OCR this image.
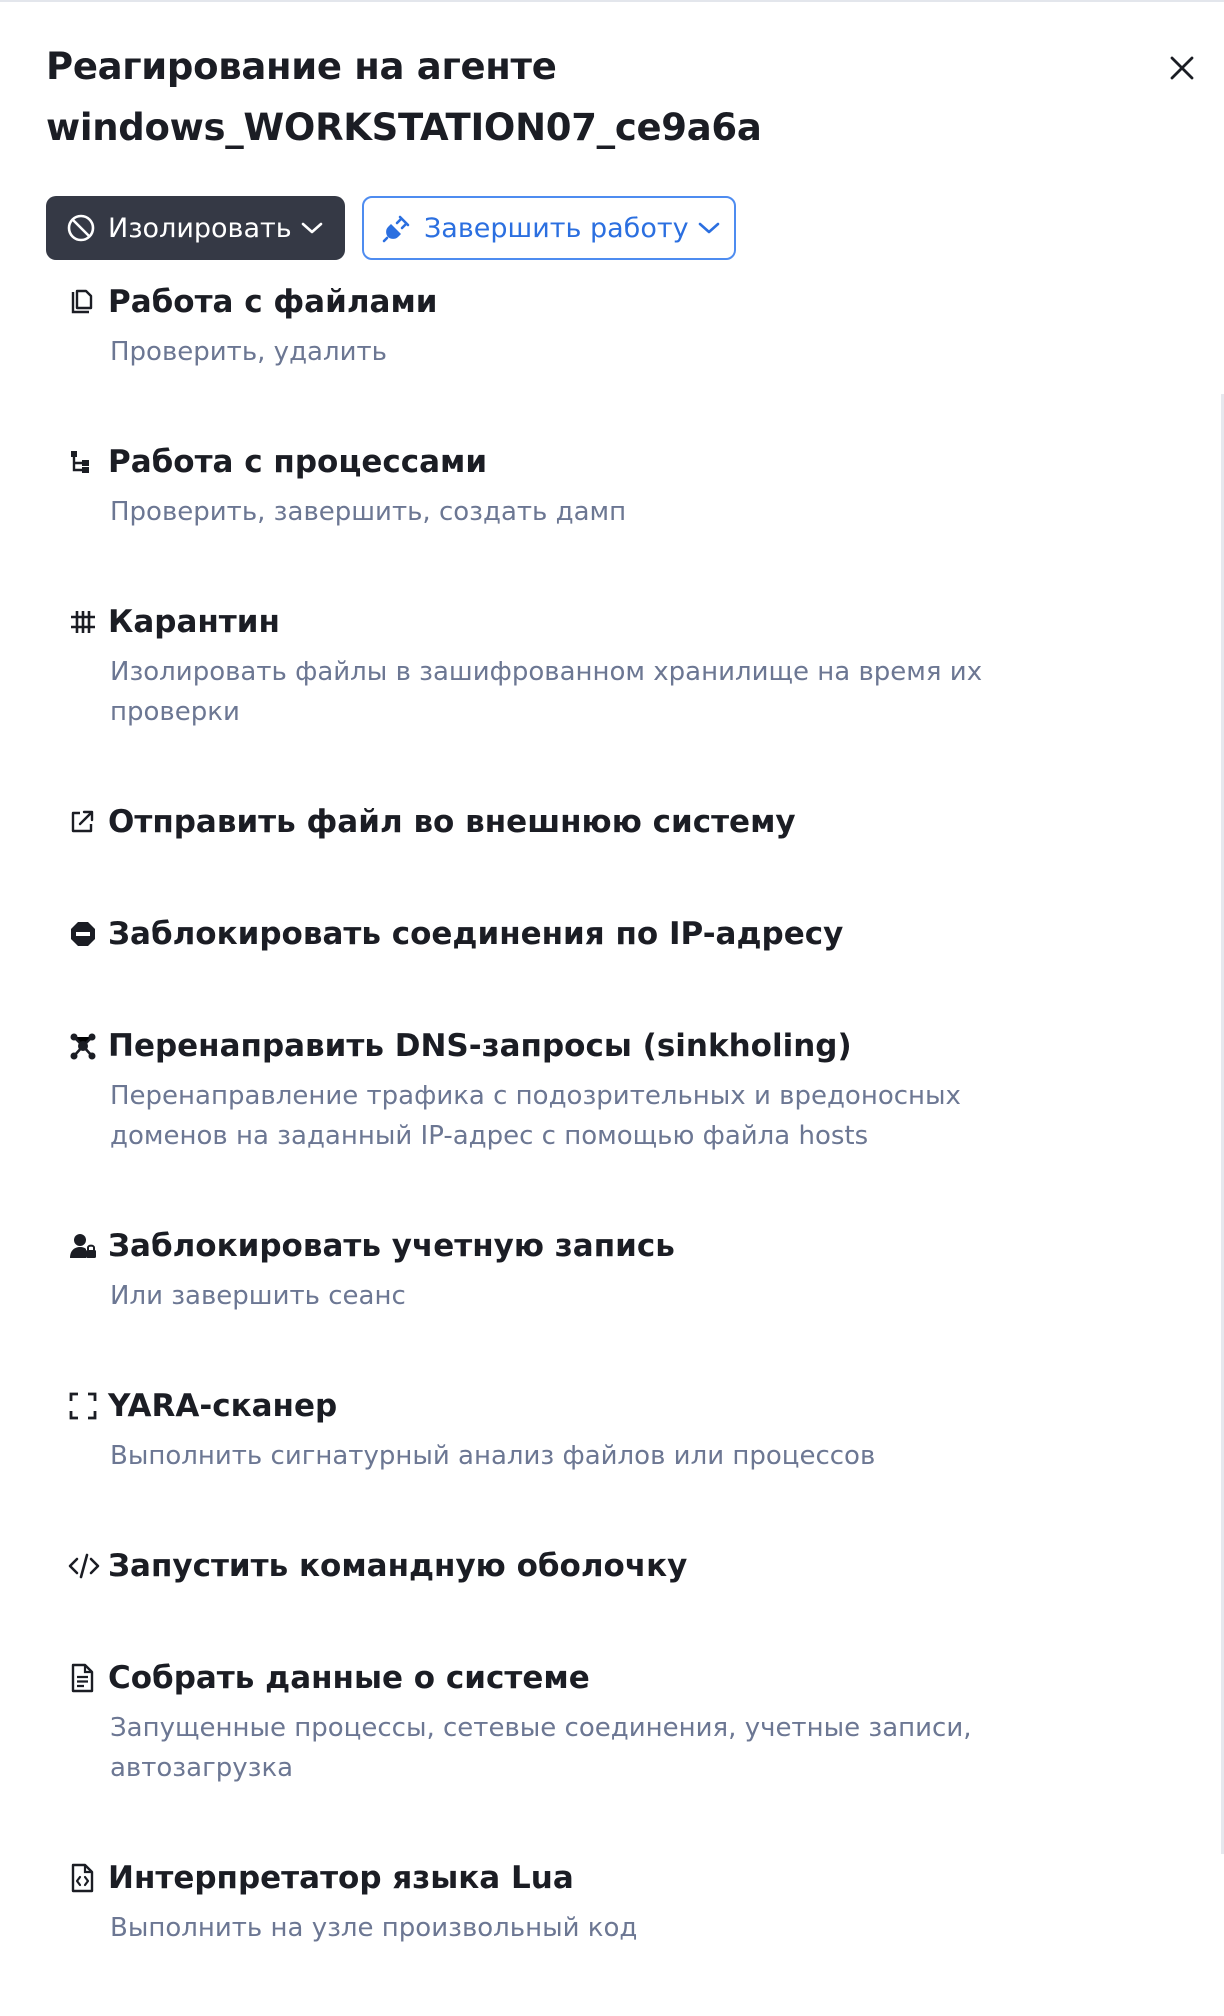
Реагирование на агенте
windows_WORKSTATION07_ce9a6a
Изолировать	Завершить работу
Работа с файлами
Проверить, удалить
Работа с процессами
Проверить, завершить, создать дамп
Карантин
Изолировать файлы в зашифрованном хранилище на время их проверки
Отправить файл во внешнюю систему
Заблокировать соединения по IP-адресу
Перенаправить DNS-запросы (sinkholing)
Перенаправление трафика с подозрительных и вредоносных доменов на заданный IP-адрес с помощью файла hosts
Заблокировать учетную запись
Или завершить сеанс
YARA-сканер
Выполнить сигнатурный анализ файлов или процессов
Запустить командную оболочку
Собрать данные о системе
Запущенные процессы, сетевые соединения, учетные записи, автозагрузка
Интерпретатор языка Lua
Выполнить на узле произвольный код
